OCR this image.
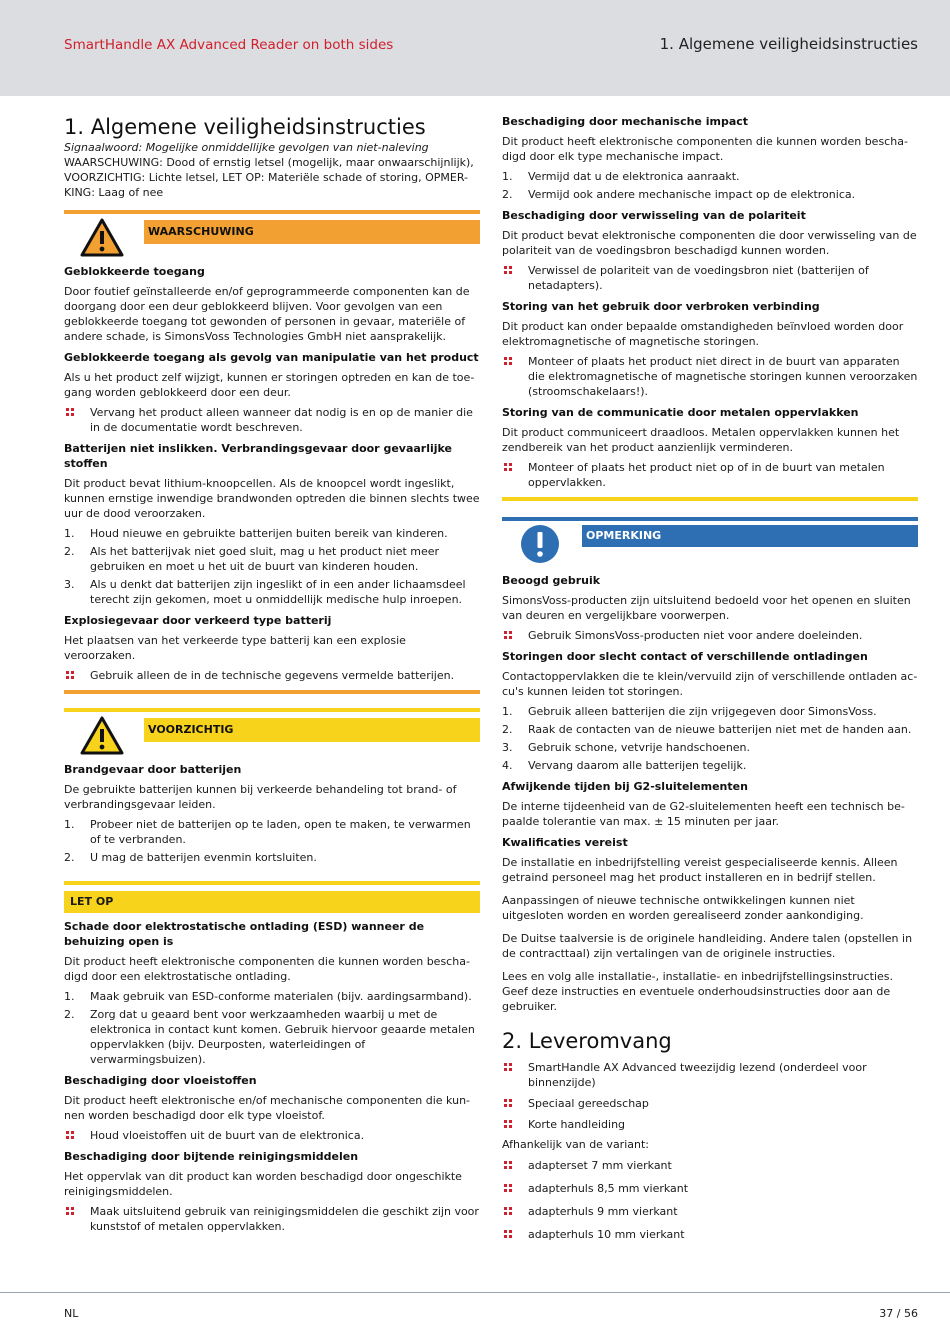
SmartHandle AX Advanced Reader on both sides	1. Algemene veiligheidsinstructies
1. Algemene veiligheidsinstructies
Signaalwoord: Mogelijke onmiddellijke gevolgen van niet-naleving
WAARSCHUWING: Dood of ernstig letsel (mogelijk, maar onwaarschijnlijk),
VOORZICHTIG: Lichte letsel, LET OP: Materiële schade of storing, OPMER-
KING: Laag of nee
WAARSCHUWING
Geblokkeerde toegang

Door foutief geïnstalleerde en/of geprogrammeerde componenten kan de doorgang door een deur geblokkeerd blijven. Voor gevolgen van een geblokkeerde toegang tot gewonden of personen in gevaar, materiële of andere schade, is SimonsVoss Technologies GmbH niet aansprakelijk.

Geblokkeerde toegang als gevolg van manipulatie van het product

Als u het product zelf wijzigt, kunnen er storingen optreden en kan de toegang worden geblokkeerd door een deur.

Vervang het product alleen wanneer dat nodig is en op de manier die in de documentatie wordt beschreven.
Batterijen niet inslikken. Verbrandingsgevaar door gevaarlijke stoffen

Dit product bevat lithium-knoopcellen. Als de knoopcel wordt ingeslikt, kunnen ernstige inwendige brandwonden optreden die binnen slechts twee uur de dood veroorzaken.

1. Houd nieuwe en gebruikte batterijen buiten bereik van kinderen.
2. Als het batterijvak niet goed sluit, mag u het product niet meer gebruiken en moet u het uit de buurt van kinderen houden.
3. Als u denkt dat batterijen zijn ingeslikt of in een ander lichaamsdeel terecht zijn gekomen, moet u onmiddellijk medische hulp inroepen.
Explosiegevaar door verkeerd type batterij

Het plaatsen van het verkeerde type batterij kan een explosie veroorzaken.

Gebruik alleen de in de technische gegevens vermelde batterijen.
VOORZICHTIG
Brandgevaar door batterijen

De gebruikte batterijen kunnen bij verkeerde behandeling tot brand- of verbrandingsgevaar leiden.

1. Probeer niet de batterijen op te laden, open te maken, te verwarmen of te verbranden.
2. U mag de batterijen evenmin kortsluiten.
LET OP
Schade door elektrostatische ontlading (ESD) wanneer de behuizing open is

Dit product heeft elektronische componenten die kunnen worden beschadigd door een elektrostatische ontlading.

1. Maak gebruik van ESD-conforme materialen (bijv. aardingsarmband).
2. Zorg dat u geaard bent voor werkzaamheden waarbij u met de elektronica in contact kunt komen. Gebruik hiervoor geaarde metalen oppervlakken (bijv. Deurposten, waterleidingen of verwarmingsbuizen).
Beschadiging door vloeistoffen

Dit product heeft elektronische en/of mechanische componenten die kunnen worden beschadigd door elk type vloeistof.

Houd vloeistoffen uit de buurt van de elektronica.
Beschadiging door bijtende reinigingsmiddelen

Het oppervlak van dit product kan worden beschadigd door ongeschikte reinigingsmiddelen.

Maak uitsluitend gebruik van reinigingsmiddelen die geschikt zijn voor kunststof of metalen oppervlakken.
Beschadiging door mechanische impact

Dit product heeft elektronische componenten die kunnen worden beschadigd door elk type mechanische impact.

1. Vermijd dat u de elektronica aanraakt.
2. Vermijd ook andere mechanische impact op de elektronica.
Beschadiging door verwisseling van de polariteit

Dit product bevat elektronische componenten die door verwisseling van de polariteit van de voedingsbron beschadigd kunnen worden.

Verwissel de polariteit van de voedingsbron niet (batterijen of netadapters).
Storing van het gebruik door verbroken verbinding

Dit product kan onder bepaalde omstandigheden beïnvloed worden door elektromagnetische of magnetische storingen.

Monteer of plaats het product niet direct in de buurt van apparaten die elektromagnetische of magnetische storingen kunnen veroorzaken (stroomschakelaars!).
Storing van de communicatie door metalen oppervlakken

Dit product communiceert draadloos. Metalen oppervlakken kunnen het zendbereik van het product aanzienlijk verminderen.

Monteer of plaats het product niet op of in de buurt van metalen oppervlakken.
OPMERKING
Beoogd gebruik

SimonsVoss-producten zijn uitsluitend bedoeld voor het openen en sluiten van deuren en vergelijkbare voorwerpen.

Gebruik SimonsVoss-producten niet voor andere doeleinden.
Storingen door slecht contact of verschillende ontladingen

Contactoppervlakken die te klein/vervuild zijn of verschillende ontladen accu's kunnen leiden tot storingen.

1. Gebruik alleen batterijen die zijn vrijgegeven door SimonsVoss.
2. Raak de contacten van de nieuwe batterijen niet met de handen aan.
3. Gebruik schone, vetvrije handschoenen.
4. Vervang daarom alle batterijen tegelijk.
Afwijkende tijden bij G2-sluitelementen

De interne tijdeenheid van de G2-sluitelementen heeft een technisch bepaalde tolerantie van max. ± 15 minuten per jaar.

Kwalificaties vereist

De installatie en inbedrijfstelling vereist gespecialiseerde kennis. Alleen getraind personeel mag het product installeren en in bedrijf stellen.

Aanpassingen of nieuwe technische ontwikkelingen kunnen niet uitgesloten worden en worden gerealiseerd zonder aankondiging.

De Duitse taalversie is de originele handleiding. Andere talen (opstellen in de contracttaal) zijn vertalingen van de originele instructies.

Lees en volg alle installatie-, installatie- en inbedrijfstellingsinstructies. Geef deze instructies en eventuele onderhoudsinstructies door aan de gebruiker.

2. Leveromvang
SmartHandle AX Advanced tweezijdig lezend (onderdeel voor binnenzijde)
Speciaal gereedschap
Korte handleiding

Afhankelijk van de variant:

adapterset 7 mm vierkant
adapterhuls 8,5 mm vierkant
adapterhuls 9 mm vierkant
adapterhuls 10 mm vierkant
NL	37 / 56
